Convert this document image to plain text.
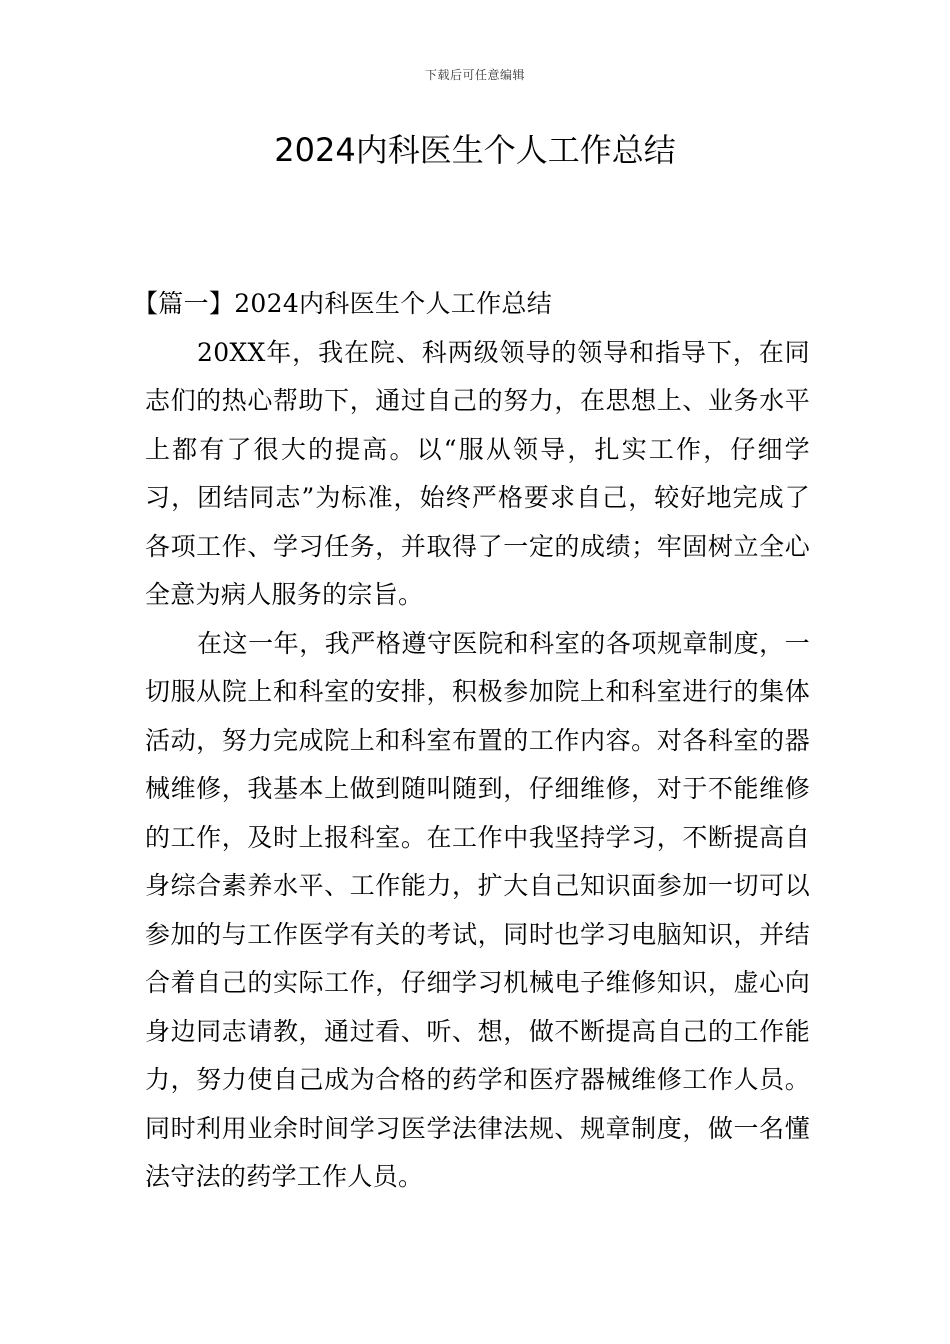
下载后可任意编辑
2024内科医生个人工作总结

【篇一】2024内科医生个人工作总结

20XX年，我在院、科两级领导的领导和指导下，在同志们的热心帮助下，通过自己的努力，在思想上、业务水平上都有了很大的提高。以“服从领导，扎实工作，仔细学习，团结同志”为标准，始终严格要求自己，较好地完成了各项工作、学习任务，并取得了一定的成绩；牢固树立全心全意为病人服务的宗旨。

在这一年，我严格遵守医院和科室的各项规章制度，一切服从院上和科室的安排，积极参加院上和科室进行的集体活动，努力完成院上和科室布置的工作内容。对各科室的器械维修，我基本上做到随叫随到，仔细维修，对于不能维修的工作，及时上报科室。在工作中我坚持学习，不断提高自身综合素养水平、工作能力，扩大自己知识面参加一切可以参加的与工作医学有关的考试，同时也学习电脑知识，并结合着自己的实际工作，仔细学习机械电子维修知识，虚心向身边同志请教，通过看、听、想，做不断提高自己的工作能力，努力使自己成为合格的药学和医疗器械维修工作人员。同时利用业余时间学习医学法律法规、规章制度，做一名懂法守法的药学工作人员。
